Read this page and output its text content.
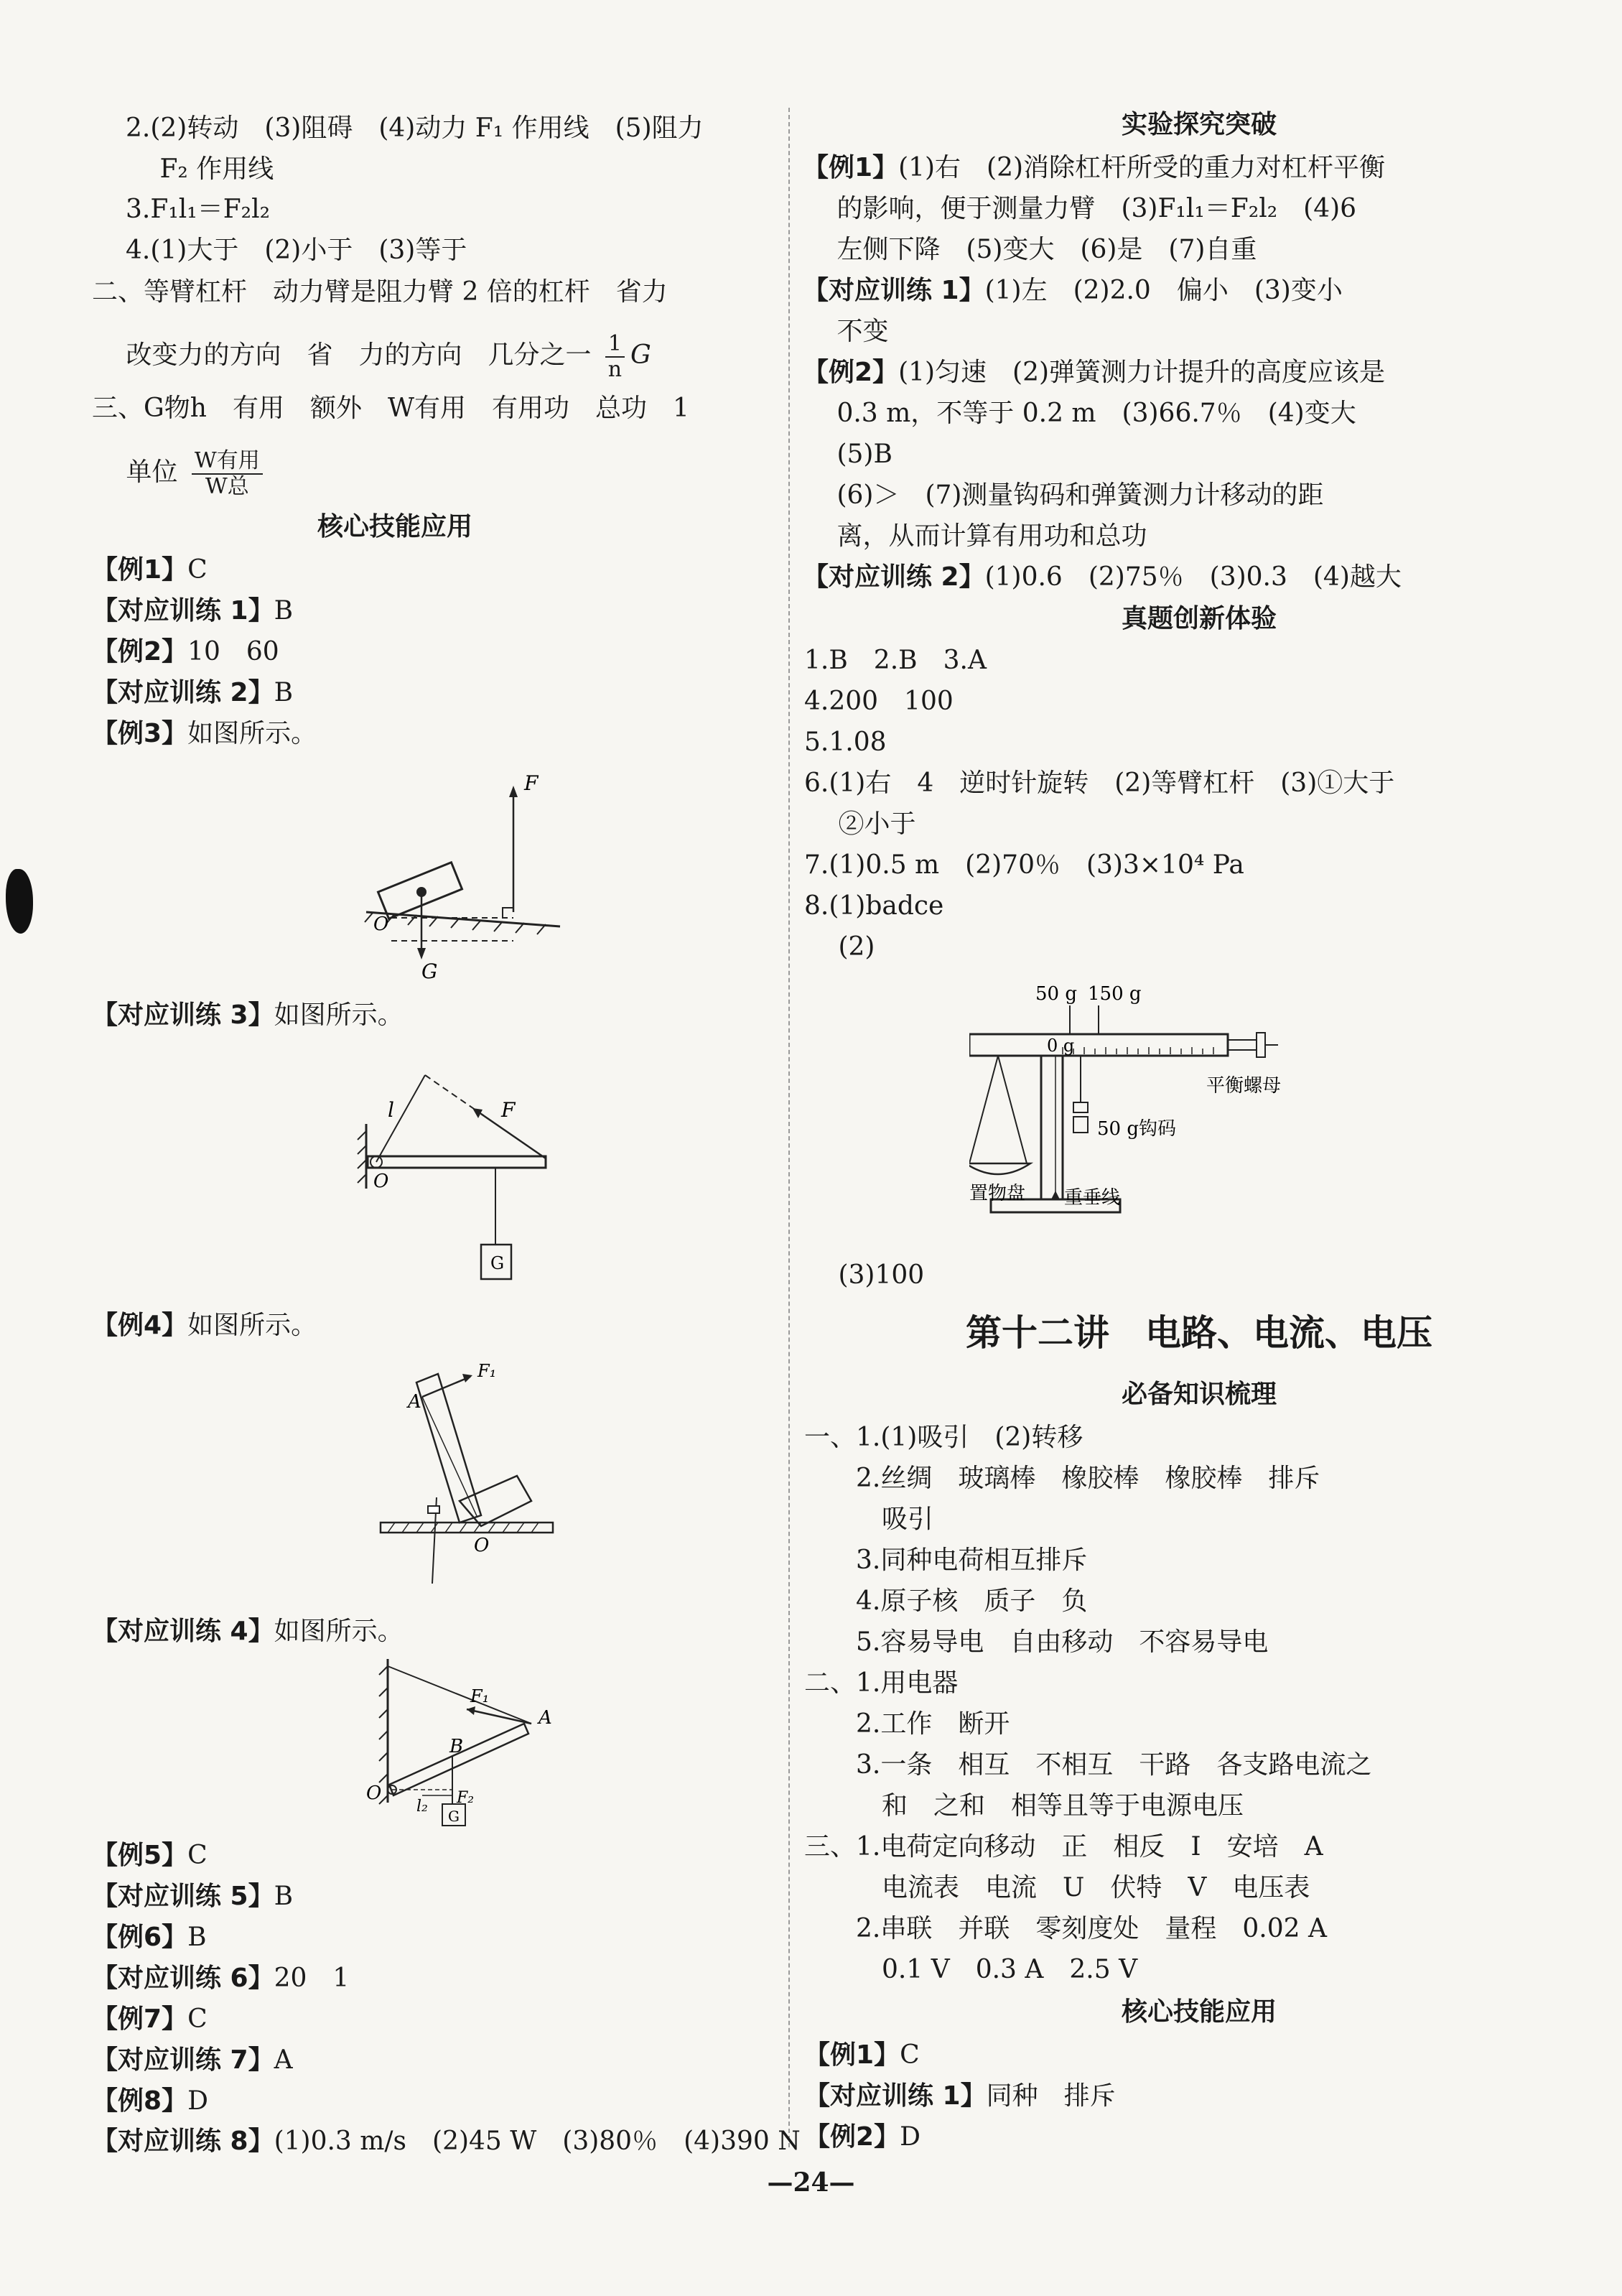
2.(2)转动　(3)阻碍　(4)动力 F₁ 作用线　(5)阻力
　 F₂ 作用线
3.F₁l₁＝F₂l₂
4.(1)大于　(2)小于　(3)等于
二、等臂杠杆　动力臂是阻力臂 2 倍的杠杆　省力
　 改变力的方向　省　力的方向　几分之一 $\frac{1}{n}$ G
三、G物h　有用　额外　W有用　有用功　总功　1
　 单位 $\frac{\text{W有用}}{\text{W总}}$
核心技能应用
【例1】C
【对应训练 1】B
【例2】10　60
【对应训练 2】B
【例3】如图所示。
F
G
O
【对应训练 3】如图所示。
l	F
O
G
【例4】如图所示。
A
F₁
O
【对应训练 4】如图所示。
F₁
A
B
O
l₂ F₂
G
【例5】C
【对应训练 5】B
【例6】B
【对应训练 6】20　1
【例7】C
【对应训练 7】A
【例8】D
【对应训练 8】(1)0.3 m/s　(2)45 W　(3)80％　(4)390 N
实验探究突破
【例1】(1)右　(2)消除杠杆所受的重力对杠杆平衡
　 的影响，便于测量力臂　(3)F₁l₁＝F₂l₂　(4)6
　 左侧下降　(5)变大　(6)是　(7)自重
【对应训练 1】(1)左　(2)2.0　偏小　(3)变小
　 不变
【例2】(1)匀速　(2)弹簧测力计提升的高度应该是
　 0.3 m，不等于 0.2 m　(3)66.7％　(4)变大
　 (5)B
　 (6)＞　(7)测量钩码和弹簧测力计移动的距
　 离，从而计算有用功和总功
【对应训练 2】(1)0.6　(2)75％　(3)0.3　(4)越大
真题创新体验
1.B　2.B　3.A
4.200　100
5.1.08
6.(1)右　4　逆时针旋转　(2)等臂杠杆　(3)①大于
　 ②小于
7.(1)0.5 m　(2)70％　(3)3×10⁴ Pa
8.(1)badce
　 (2)
50 g 150 g
0 g
平衡螺母
50 g钩码
置物盘 重垂线
　 (3)100
第十二讲　电路、电流、电压
必备知识梳理
一、1.(1)吸引　(2)转移
　　2.丝绸　玻璃棒　橡胶棒　橡胶棒　排斥
　　　吸引
　　3.同种电荷相互排斥
　　4.原子核　质子　负
　　5.容易导电　自由移动　不容易导电
二、1.用电器
　　2.工作　断开
　　3.一条　相互　不相互　干路　各支路电流之
　　　和　之和　相等且等于电源电压
三、1.电荷定向移动　正　相反　I　安培　A
　　　电流表　电流　U　伏特　V　电压表
　　2.串联　并联　零刻度处　量程　0.02 A
　　　0.1 V　0.3 A　2.5 V
核心技能应用
【例1】C
【对应训练 1】同种　排斥
【例2】D
—24—
